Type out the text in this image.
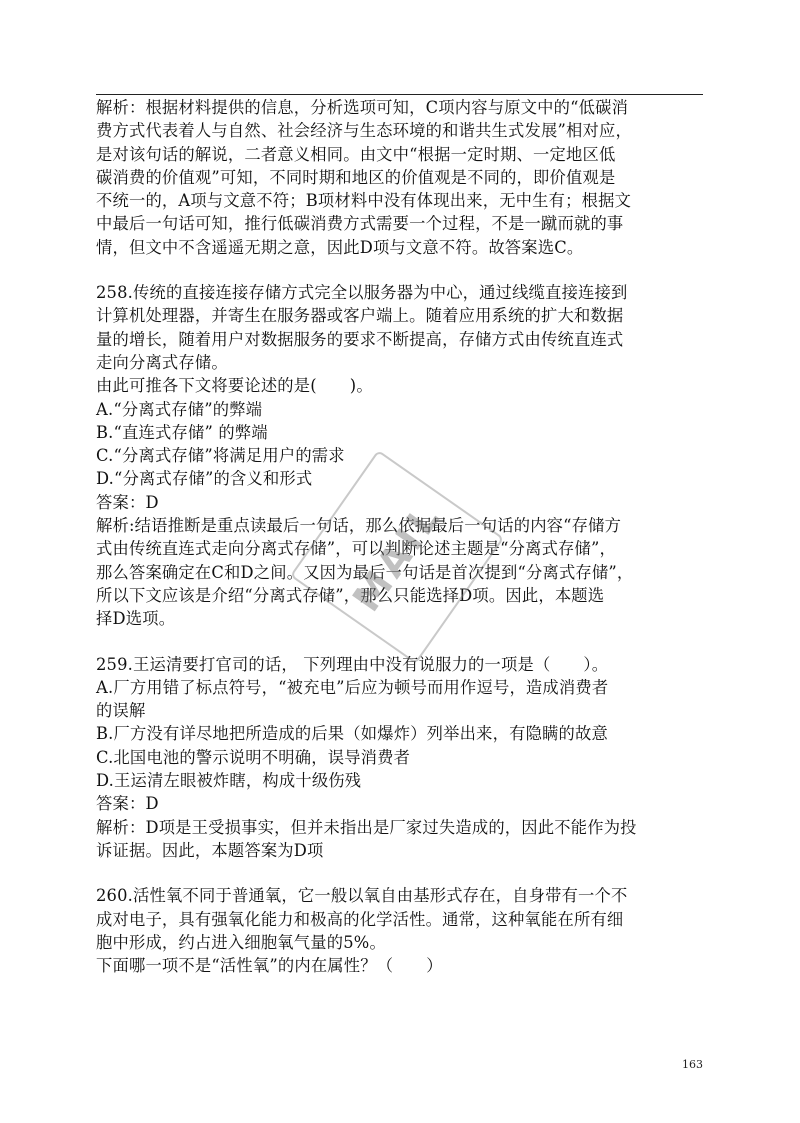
解析：根据材料提供的信息，分析选项可知，C项内容与原文中的“低碳消

费方式代表着人与自然、社会经济与生态环境的和谐共生式发展”相对应，

是对该句话的解说，二者意义相同。由文中“根据一定时期、一定地区低

碳消费的价值观”可知，不同时期和地区的价值观是不同的，即价值观是

不统一的，A项与文意不符；B项材料中没有体现出来，无中生有；根据文

中最后一句话可知，推行低碳消费方式需要一个过程，不是一蹴而就的事

情，但文中不含遥遥无期之意，因此D项与文意不符。故答案选C。

258.传统的直接连接存储方式完全以服务器为中心，通过线缆直接连接到

计算机处理器，并寄生在服务器或客户端上。随着应用系统的扩大和数据

量的增长，随着用户对数据服务的要求不断提高，存储方式由传统直连式

走向分离式存储。

由此可推各下文将要论述的是(　　)。

A.“分离式存储”的弊端

B.“直连式存储” 的弊端

C.“分离式存储”将满足用户的需求

D.“分离式存储”的含义和形式

答案：D

解析:结语推断是重点读最后一句话，那么依据最后一句话的内容“存储方

式由传统直连式走向分离式存储”，可以判断论述主题是“分离式存储”，

那么答案确定在C和D之间。又因为最后一句话是首次提到“分离式存储”，

所以下文应该是介绍“分离式存储”，那么只能选择D项。因此，本题选

择D选项。

259.王运清要打官司的话， 下列理由中没有说服力的一项是（　　）。

A.厂方用错了标点符号，“被充电”后应为顿号而用作逗号，造成消费者

的误解

B.厂方没有详尽地把所造成的后果（如爆炸）列举出来，有隐瞒的故意

C.北国电池的警示说明不明确，误导消费者

D.王运清左眼被炸瞎，构成十级伤残

答案：D

解析：D项是王受损事实，但并未指出是厂家过失造成的，因此不能作为投

诉证据。因此，本题答案为D项

260.活性氧不同于普通氧，它一般以氧自由基形式存在，自身带有一个不

成对电子，具有强氧化能力和极高的化学活性。通常，这种氧能在所有细

胞中形成，约占进入细胞氧气量的5%。

下面哪一项不是“活性氧”的内在属性？（　　）

MAIL
163
